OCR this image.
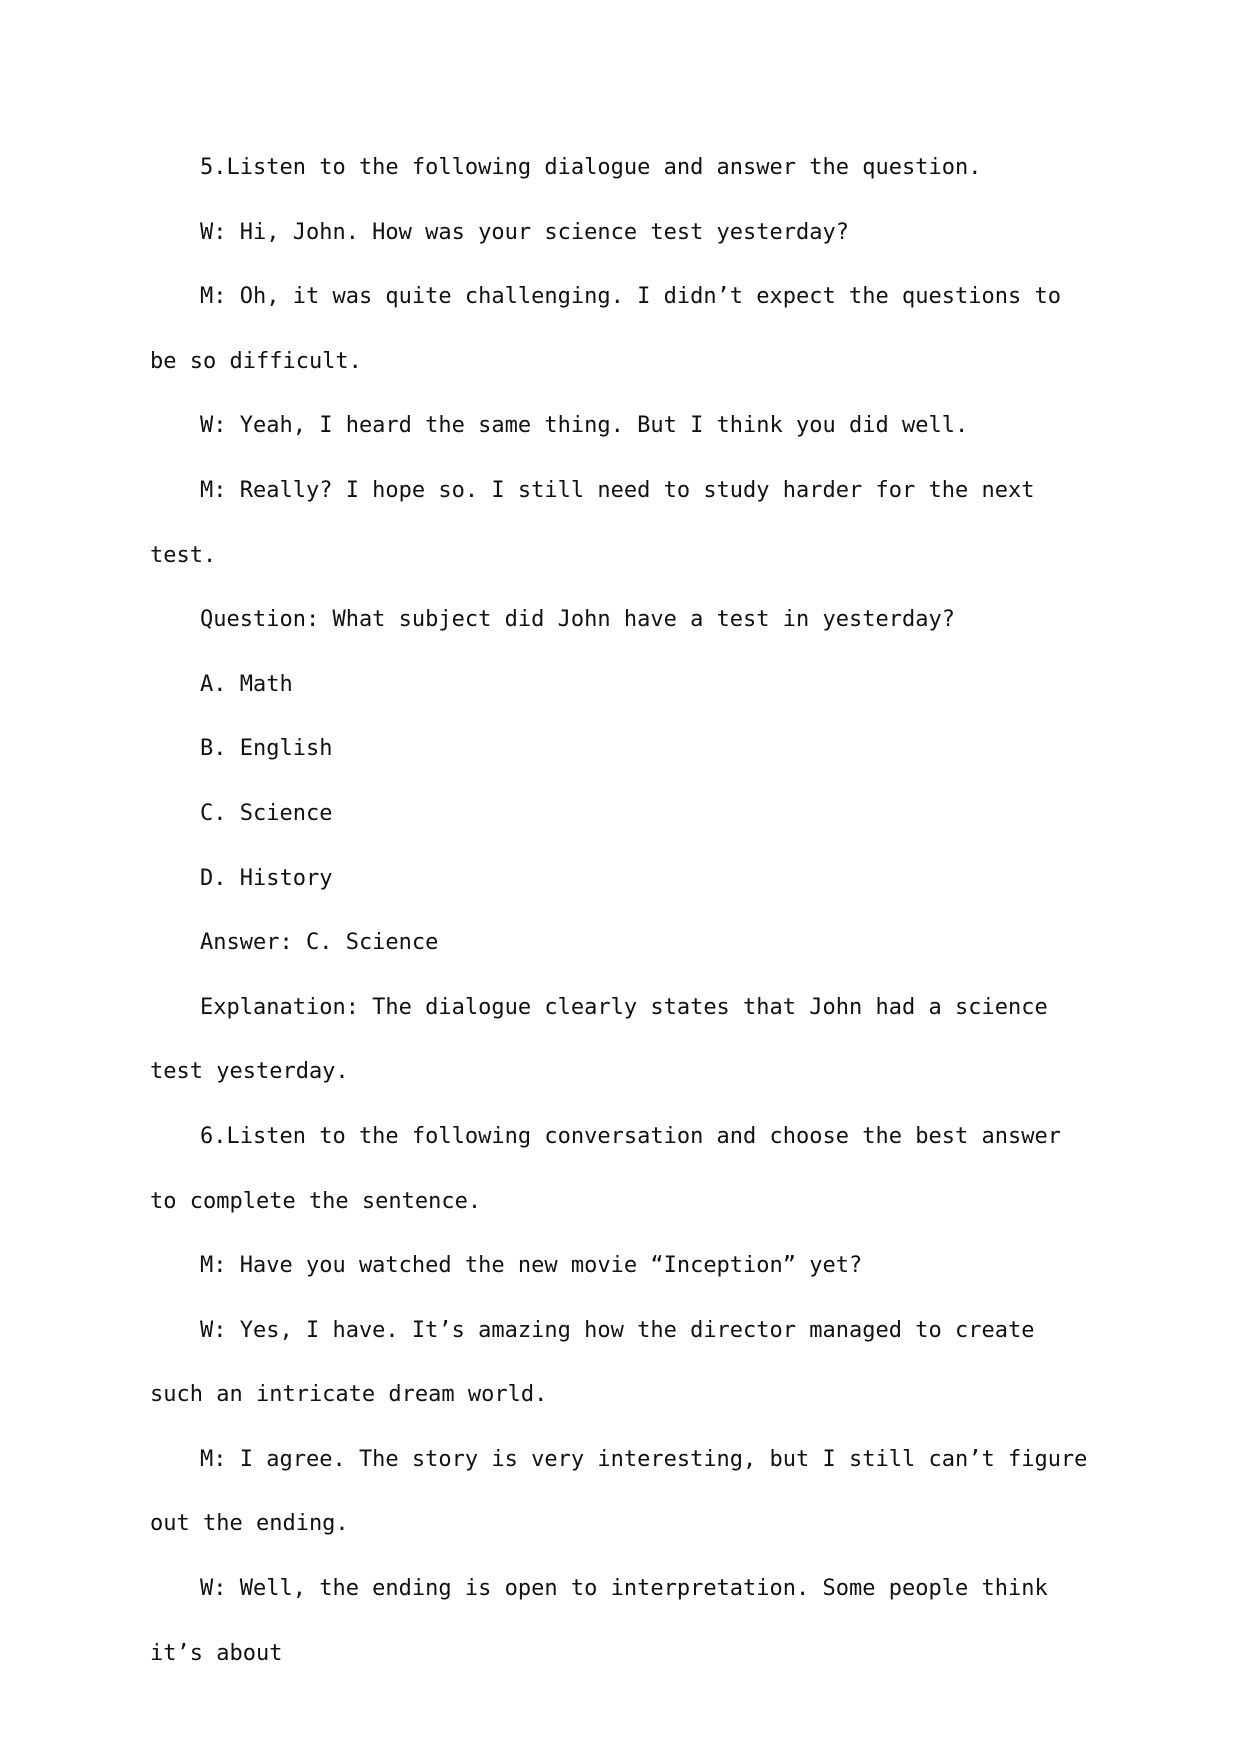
5.Listen to the following dialogue and answer the question.

W: Hi, John. How was your science test yesterday?

M: Oh, it was quite challenging. I didn’t expect the questions to be so difficult.

W: Yeah, I heard the same thing. But I think you did well.

M: Really? I hope so. I still need to study harder for the next test.

Question: What subject did John have a test in yesterday?

A. Math

B. English

C. Science

D. History

Answer: C. Science

Explanation: The dialogue clearly states that John had a science test yesterday.

6.Listen to the following conversation and choose the best answer to complete the sentence.

M: Have you watched the new movie “Inception” yet?

W: Yes, I have. It’s amazing how the director managed to create such an intricate dream world.

M: I agree. The story is very interesting, but I still can’t figure out the ending.

W: Well, the ending is open to interpretation. Some people think it’s about
